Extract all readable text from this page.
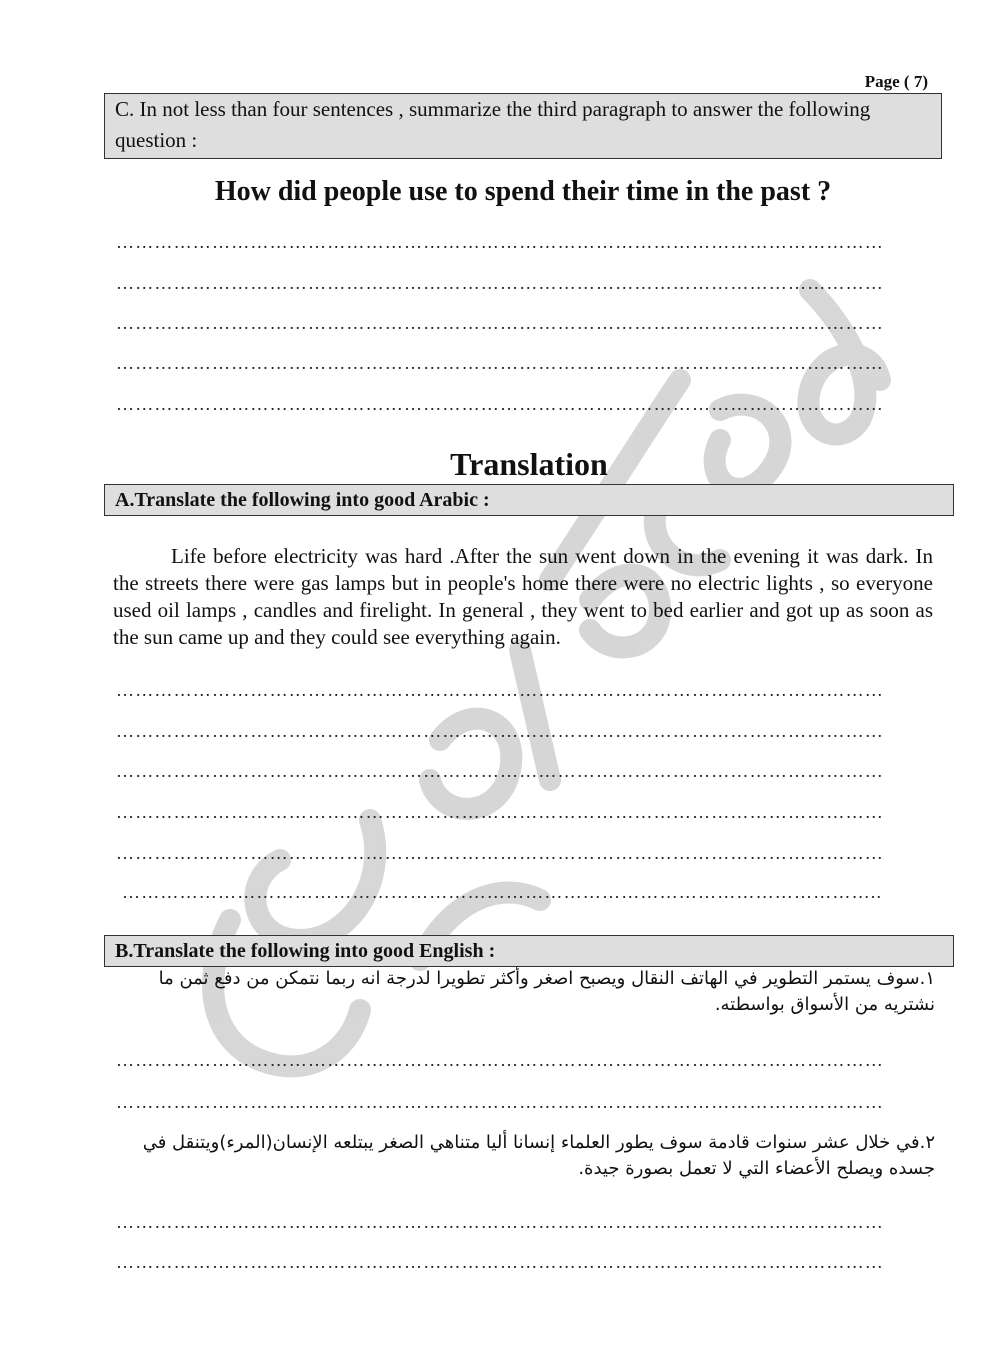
Page ( 7)
C. In not less than four sentences , summarize the third paragraph to answer the following question :
How did people use to spend their time in the past ?
…………………………………………………………………………………………………………
…………………………………………………………………………………………………………
…………………………………………………………………………………………………………
…………………………………………………………………………………………………………
…………………………………………………………………………………………………………
Translation
A.Translate the following into good Arabic :
Life before electricity was hard .After the sun went down in the evening it was dark. In the streets there were gas lamps but in people's home there were no electric lights , so everyone used oil lamps , candles and firelight. In general , they went to bed earlier and got up as soon as the sun came up and they could see everything again.
…………………………………………………………………………………………………………
…………………………………………………………………………………………………………
…………………………………………………………………………………………………………
…………………………………………………………………………………………………………
…………………………………………………………………………………………………………
………………………………………………………………………………………………………..
B.Translate the following into good English :
١.سوف يستمر التطوير في الهاتف النقال ويصبح اصغر وأكثر تطويرا لدرجة انه ربما نتمكن من دفع ثمن ما نشتريه من الأسواق بواسطته.
…………………………………………………………………………………………………………
…………………………………………………………………………………………………………
٢.في خلال عشر سنوات قادمة سوف يطور العلماء إنسانا أليا متناهي الصغر يبتلعه الإنسان(المرء)ويتنقل في جسده ويصلح الأعضاء التي لا تعمل بصورة جيدة.
…………………………………………………………………………………………………………
…………………………………………………………………………………………………………
